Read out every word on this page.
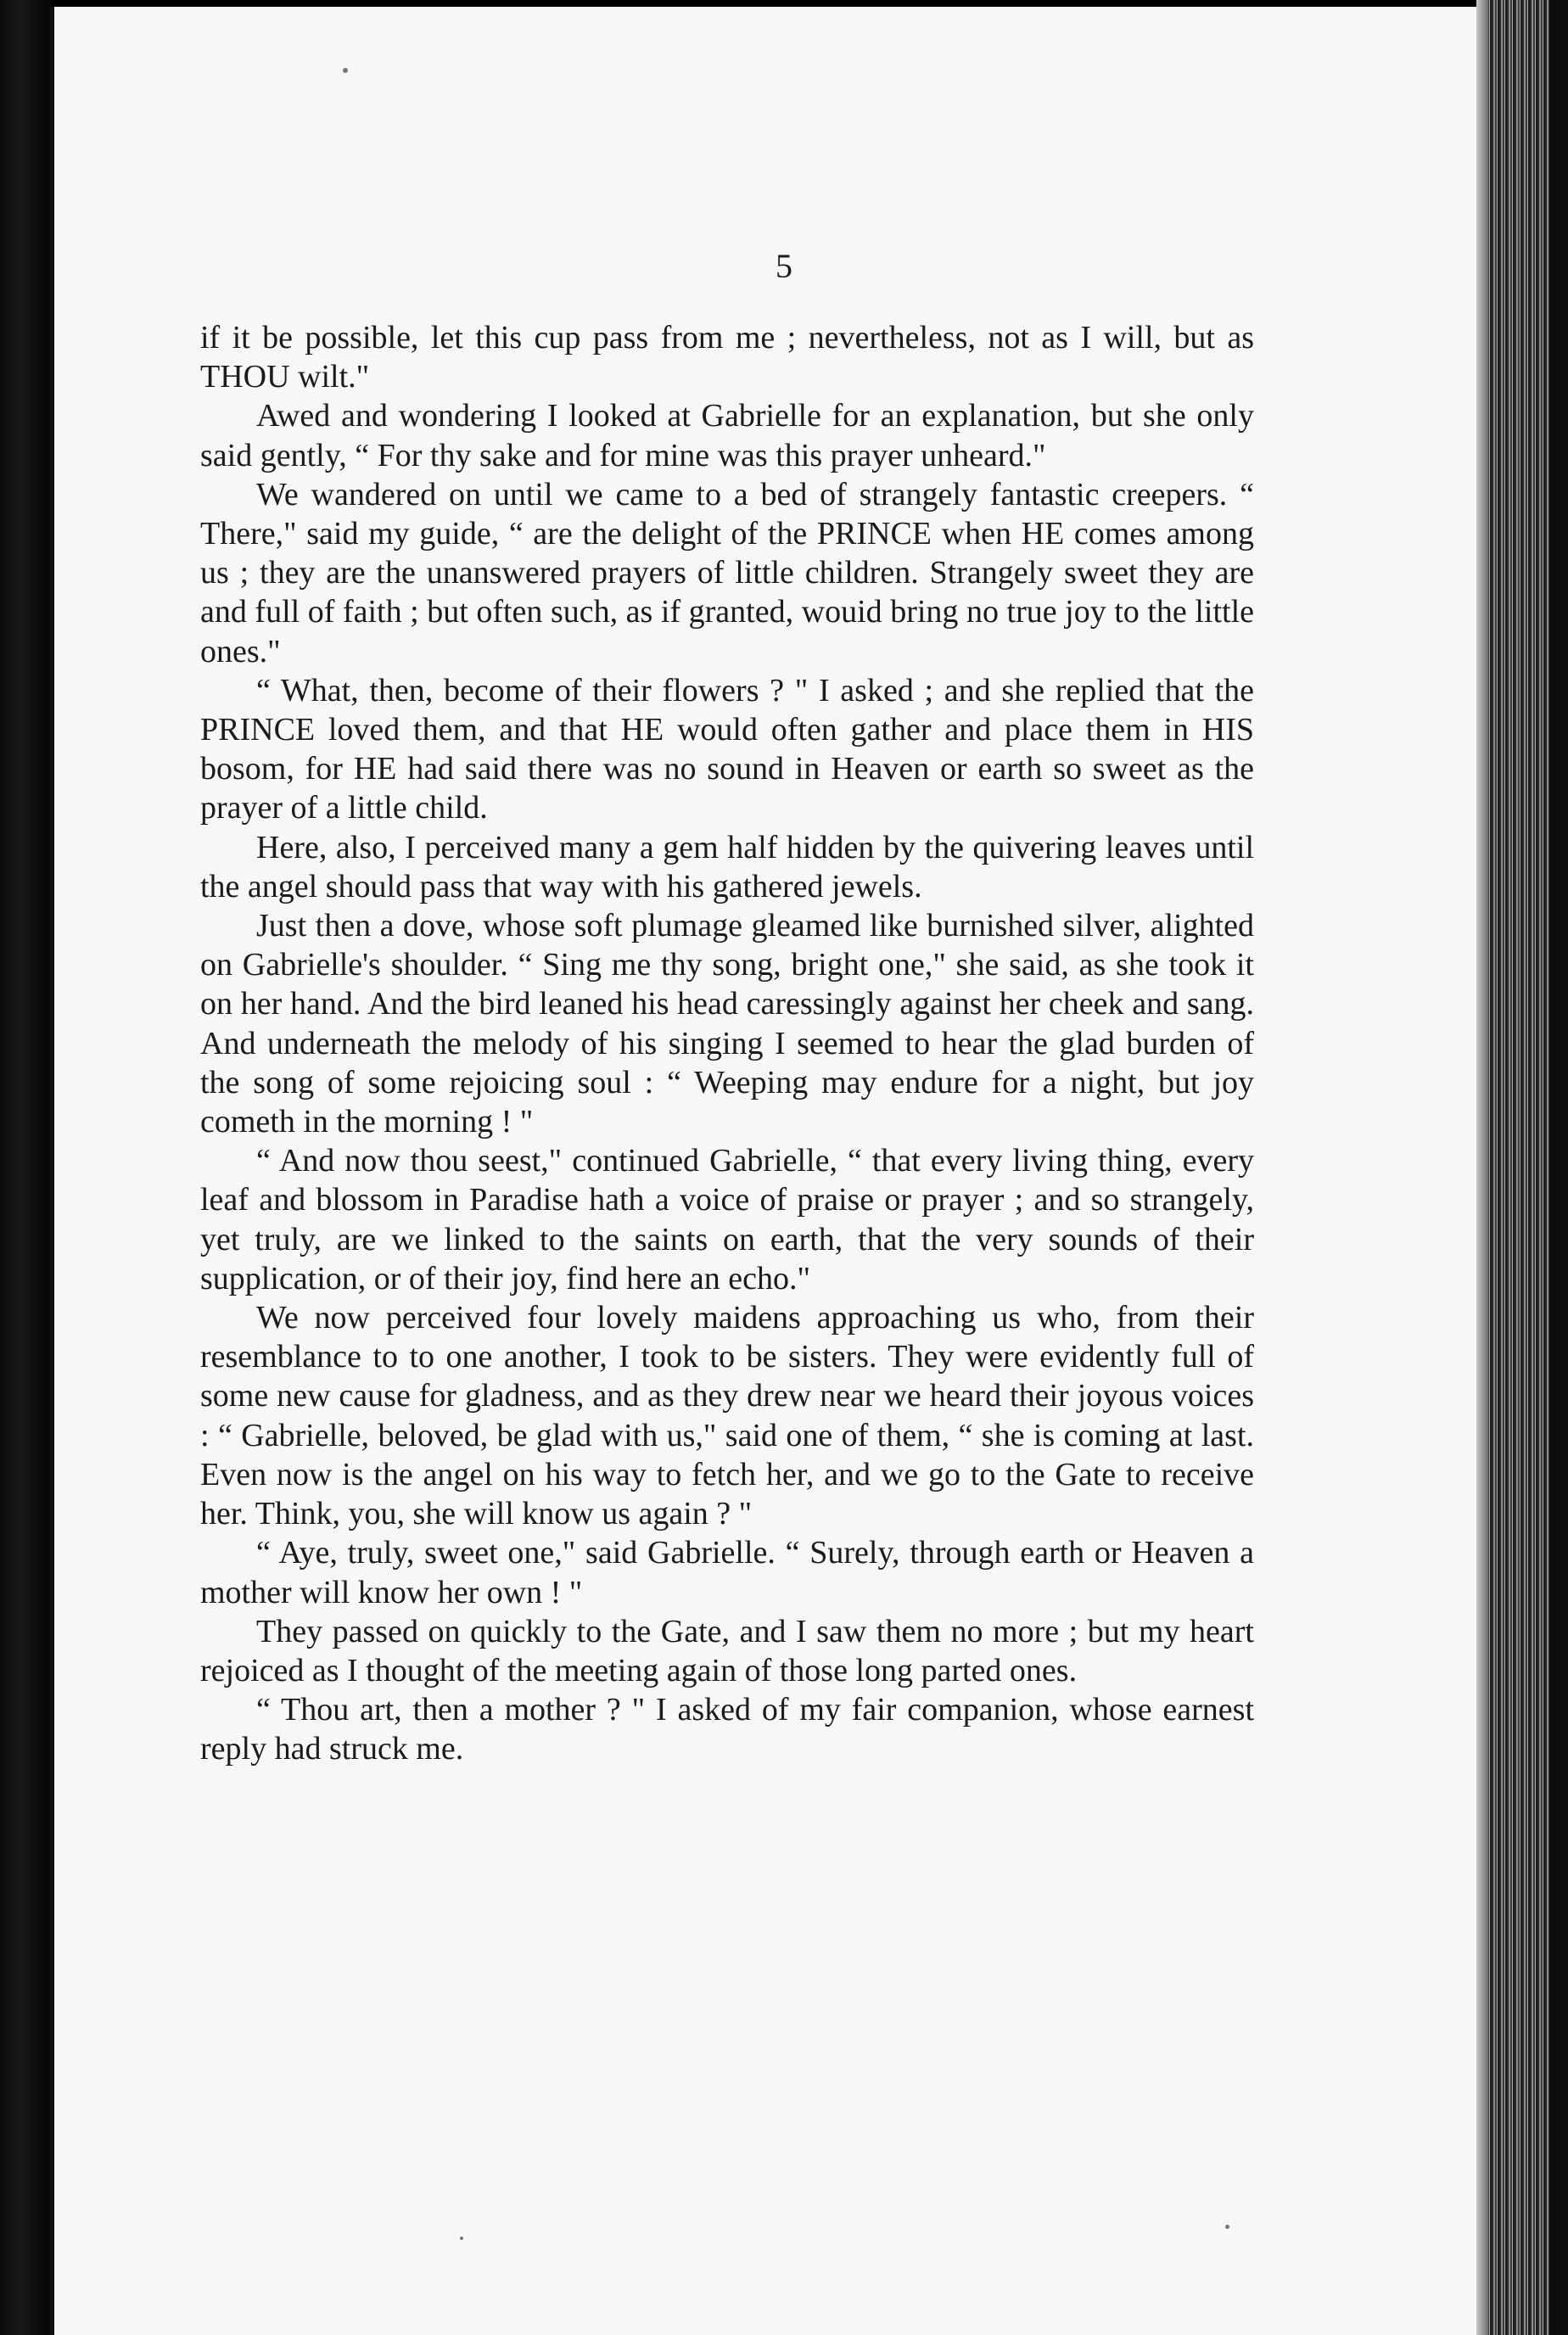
5

if it be possible, let this cup pass from me ; nevertheless, not as I will, but as THOU wilt."

Awed and wondering I looked at Gabrielle for an explanation, but she only said gently, “ For thy sake and for mine was this prayer unheard."

We wandered on until we came to a bed of strangely fantastic creepers. “ There," said my guide, “ are the delight of the PRINCE when HE comes among us ; they are the unanswered prayers of little children. Strangely sweet they are and full of faith ; but often such, as if granted, wouid bring no true joy to the little ones."

“ What, then, become of their flowers ? " I asked ; and she replied that the PRINCE loved them, and that HE would often gather and place them in HIS bosom, for HE had said there was no sound in Heaven or earth so sweet as the prayer of a little child.

Here, also, I perceived many a gem half hidden by the quivering leaves until the angel should pass that way with his gathered jewels.

Just then a dove, whose soft plumage gleamed like burnished silver, alighted on Gabrielle's shoulder. “ Sing me thy song, bright one," she said, as she took it on her hand. And the bird leaned his head caressingly against her cheek and sang. And underneath the melody of his singing I seemed to hear the glad burden of the song of some rejoicing soul : “ Weeping may endure for a night, but joy cometh in the morning ! "

“ And now thou seest," continued Gabrielle, “ that every living thing, every leaf and blossom in Paradise hath a voice of praise or prayer ; and so strangely, yet truly, are we linked to the saints on earth, that the very sounds of their supplication, or of their joy, find here an echo."

We now perceived four lovely maidens approaching us who, from their resemblance to to one another, I took to be sisters. They were evidently full of some new cause for gladness, and as they drew near we heard their joyous voices : “ Gabrielle, beloved, be glad with us," said one of them, “ she is coming at last. Even now is the angel on his way to fetch her, and we go to the Gate to receive her. Think, you, she will know us again ? "

“ Aye, truly, sweet one," said Gabrielle. “ Surely, through earth or Heaven a mother will know her own ! "

They passed on quickly to the Gate, and I saw them no more ; but my heart rejoiced as I thought of the meeting again of those long parted ones.

“ Thou art, then a mother ? " I asked of my fair companion, whose earnest reply had struck me.
